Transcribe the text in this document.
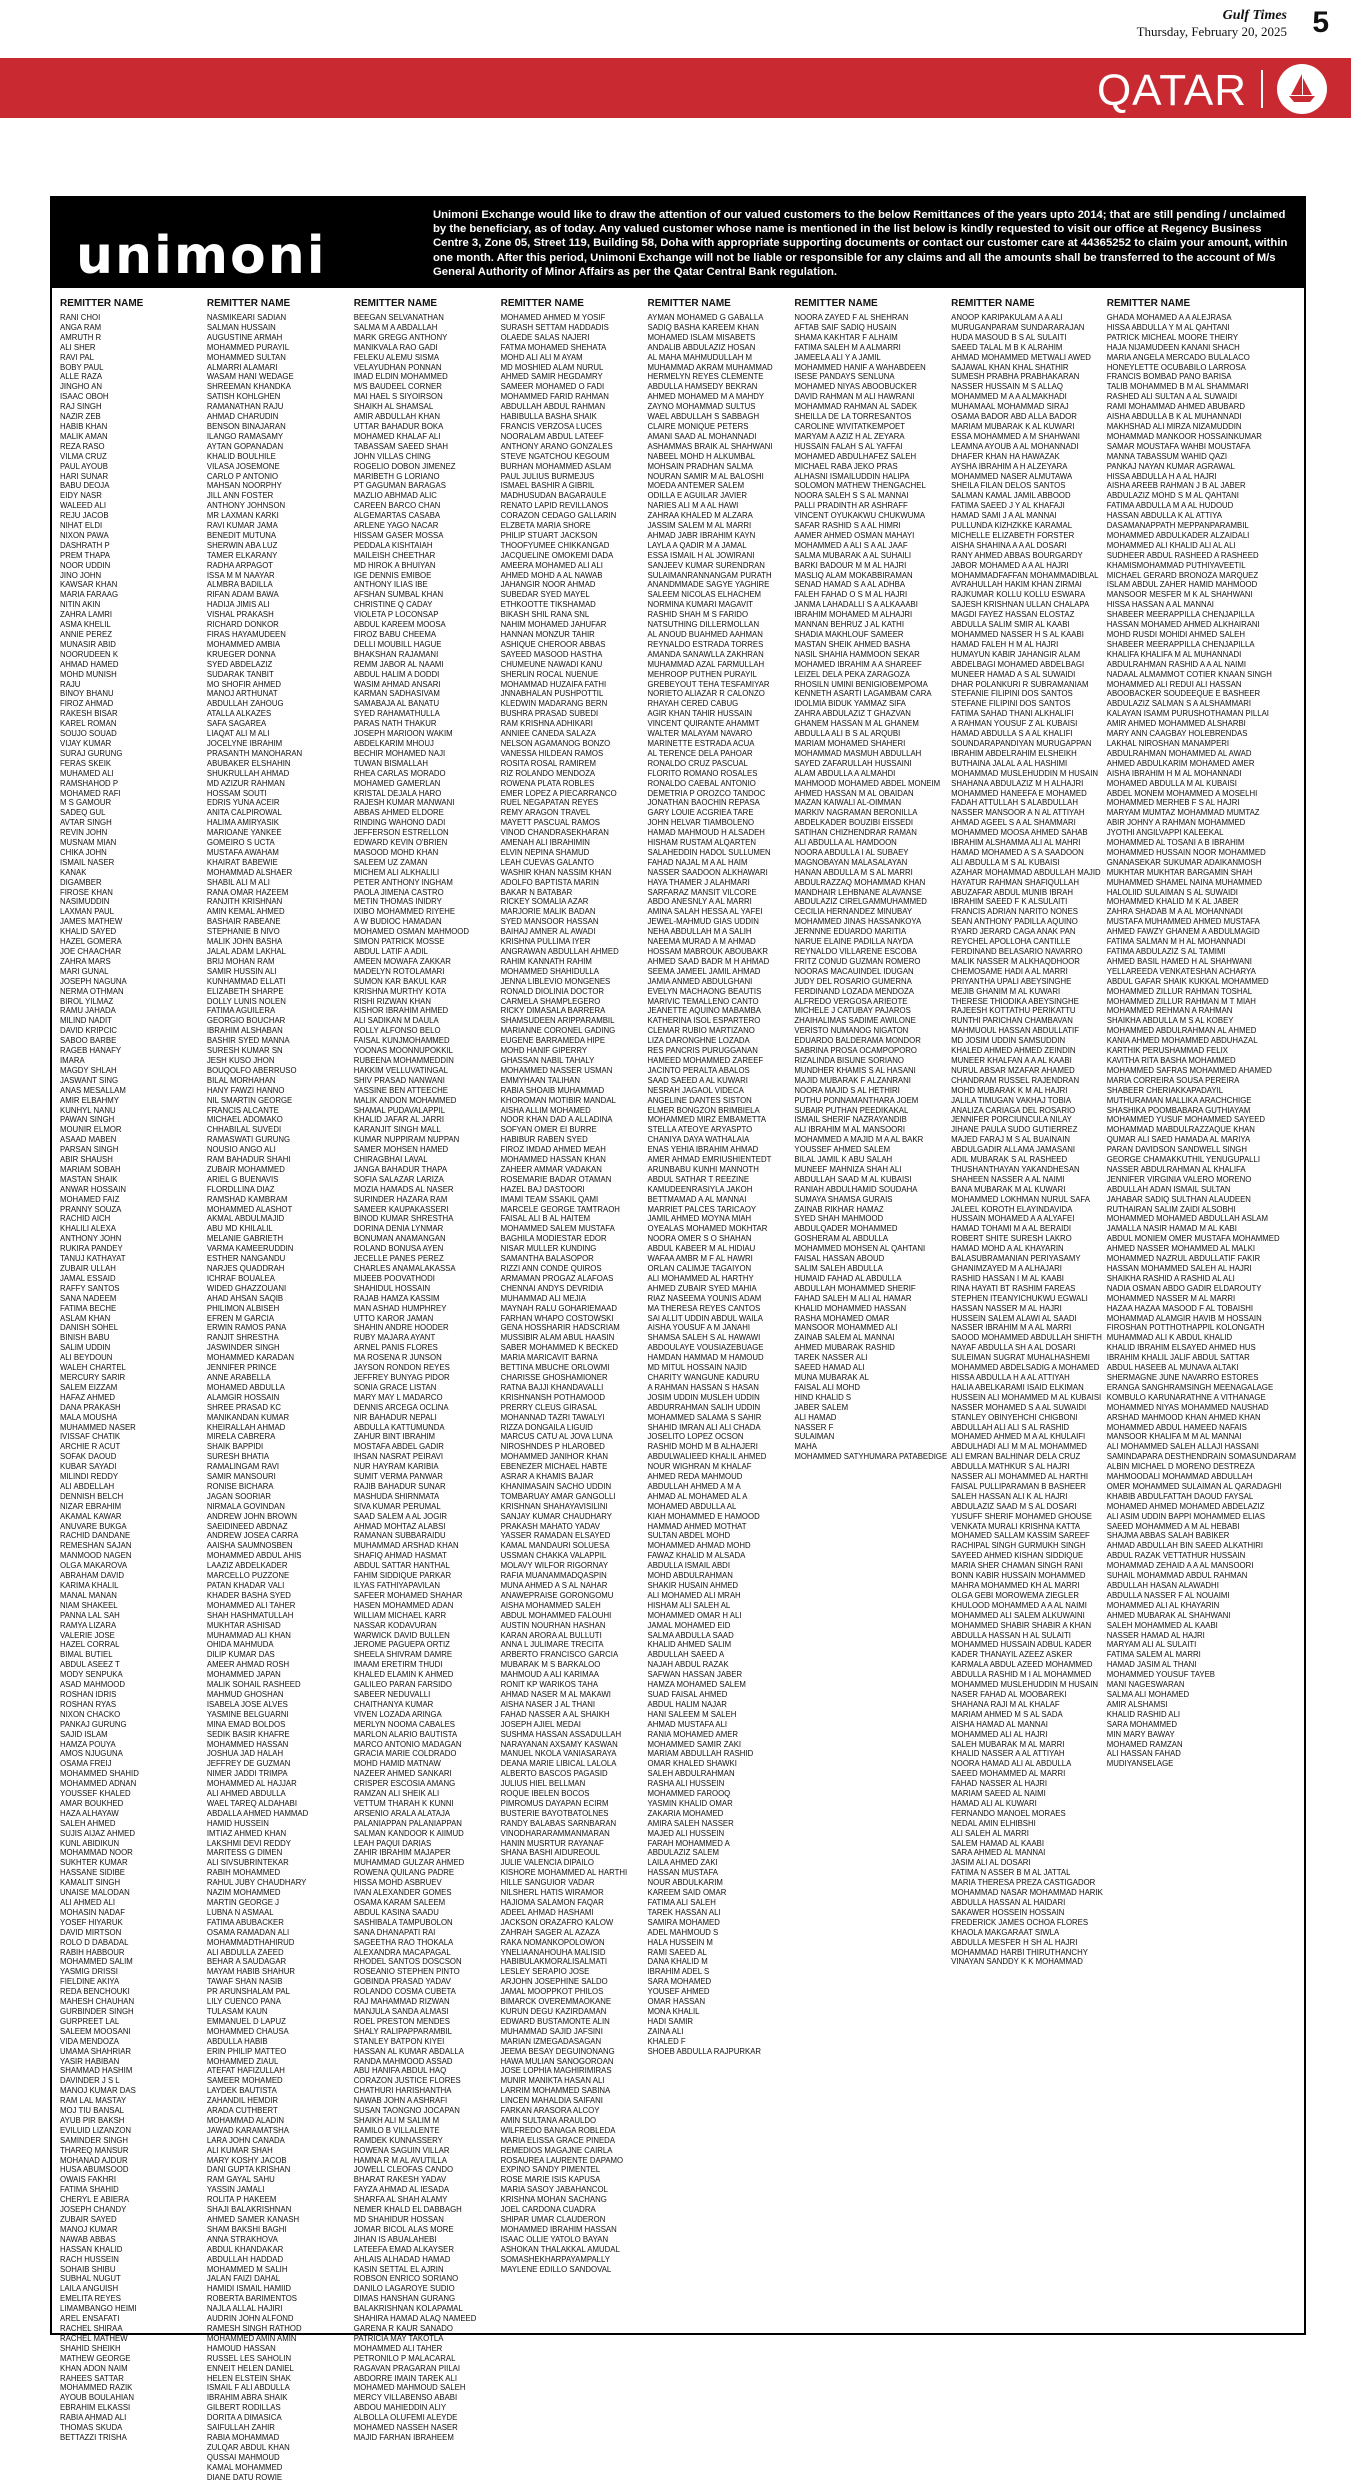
Gulf Times
Thursday, February 20, 2025 5
QATAR
unimoni
Unimoni Exchange would like to draw the attention of our valued customers to the below Remittances of the years upto 2014; that are still pending / unclaimed by the beneficiary, as of today. Any valued customer whose name is mentioned in the list below is kindly requested to visit our office at Regency Business Centre 3, Zone 05, Street 119, Building 58, Doha with appropriate supporting documents or contact our customer care at 44365252 to claim your amount, within one month. After this period, Unimoni Exchange will not be liable or responsible for any claims and all the amounts shall be transferred to the account of M/s General Authority of Minor Affairs as per the Qatar Central Bank regulation.
REMITTER NAME
RANI CHOI
ANGA RAM
AMRUTH R
ALI SHER
RAVI PAL
BOBY PAUL
ALLE RAZA
JINGHO AN
ISAAC OBOH
RAJ SINGH
NAZIR ZEB
HABIB KHAN
MALIK AMAN
REZA RASO
VILMA CRUZ
PAUL AYOUB
HARI SUNAR
BABU DEOJA
EIDY NASR
WALEED ALI
REJU JACOB
NIHAT ELDI
NIXON PAWA
DASHRATH P
PREM THAPA
NOOR UDDIN
JINO JOHN
KAWSAR KHAN
MARIA FARAAG
NITIN AKIN
ZAHRA LAMRI
ASMA KHELIL
ANNIE PEREZ
MUNASIR ABID
NOORUDEEN K
AHMAD HAMED
MOHD MUNISH
RAJU
BINOY BHANU
FIROZ AHMAD
RAKESH BISAR
KAREL ROMAN
SOUJO SOUAD
VIJAY KUMAR
SURAJ GURUNG
FERAS SKEIK
MUHAMED ALI
RAMSHAHOD P
MOHAMED RAFI
M S GAMOUR
SADEQ GUL
AVTAR SINGH
REVIN JOHN
MUSNAM MIAN
CHIKA JOHN
ISMAIL NASER
KANAK
DIGAMBER
FIROSE KHAN
NASIMUDDIN
LAXMAN PAUL
JAMES MATHEW
KHALID SAYED
HAZEL GOMERA
JOE CHAACHAR
ZAHRA MARS
MARI GUNAL
JOSEPH NAGUNA
NERMA OTHMAN
BIROL YILMAZ
RAMU JAHADA
MILIND NADIT
DAVID KRIPCIC
SABOO BARBE
RAGEB HANAFY
IMARA
MAGDY SHLAH
JASWANT SING
ANAS MESALLAM
AMIR ELBAHMY
KUNHYL NANU
PAWAN SINGH
MOUNIR ELMOR
ASAAD MABEN
PARSAN SINGH
ABIR SHAUSH
MARIAM SOBAH
MASTAN SHAIK
ANWAR HOSSAIN
MOHAMED FAIZ
PRANNY SOUZA
RACHID AICH
KHALILI ALEXA
ANTHONY JOHN
RUKIRA PANDEY
TANUJ KATHAYAT
ZUBAIR ULLAH
JAMAL ESSAID
RAFFY SANTOS
SANA NADEEM
FATIMA BECHE
ASLAM KHAN
DANISH SOHEL
BINISH BABU
SALIM UDDIN
ALI BEYDOUN
WALEH CHARTEL
MERCURY SARIR
SALEM EIZZAM
HAFAZ AHMED
DANA PRAKASH
MALA MOUSHA
MUHAMMED NASER
IVISSAF CHATIK
ARCHIE R ACUT
SOFAK DAOUD
KUBAR SAYADI
MILINDI REDDY
ALI ABDELLAH
DENNISH BELCH
NIZAR EBRAHIM
AKAMAL KAWAR
ANUVARE BUKGA
RACHID DANDANE
REMESHAN SAJAN
MANMOOD NAGEN
OLGA MAKAROVA
ABRAHAM DAVID
KARIMA KHALIL
MANAL MANAN
NIAM SHAKEEL
PANNA LAL SAH
RAMYA LIZARA
VALERIE JOSE
HAZEL CORRAL
BIMAL BUTIEL
ABDUL ASEEZ T
MODY SENPUKA
ASAD MAHMOOD
ROSHAN IDRIS
ROSHAN RYAS
NIXON CHACKO
PANKAJ GURUNG
SAJID ISLAM
HAMZA POUYA
AMOS NJUGUNA
OSAMA FREIJ
MOHAMMED SHAHID
MOHAMMED ADNAN
YOUSSEF KHALED
AMAR BOUKHED
HAZA ALHAYAW
SALEH AHMED
SUJIS AIJAZ AHMED
KUNL ABIDIKUN
MOHAMMAD NOOR
SUKHTER KUMAR
HASSANE SIDIBE
KAMALIT SINGH
UNAISE MALODAN
ALI AHMED ALI
MOHASIN NADAF
YOSEF HIYARUK
DAVID MIRTSON
ROLO D DABADAL
RABIH HABBOUR
MOHAMMED SALIM
YASMIG DRISSI
FIELDINE AKIYA
REDA BENCHOUKI
MAHESH CHAUHAN
GURBINDER SINGH
GURPREET LAL
SALEEM MOOSANI
VIDA MENDOZA
UMAMA SHAHRIAR
YASIR HABIBAN
SHAMMAD HASHIM
DAVINDER J S L
MANOJ KUMAR DAS
RAM LAL MASTAY
MOJ TIU BANSAL
AYUB PIR BAKSH
EVILUID LIZANZON
SAMINDER SINGH
THAREQ MANSUR
MOHANAD AJDUR
HUSA ABUMSOOD
OWAIS FAKHRI
FATIMA SHAHID
CHERYL E ABIERA
JOSEPH CHANDY
ZUBAIR SAYED
MANOJ KUMAR
NAWAB ABBAS
HASSAN KHALID
RACH HUSSEIN
SOHAIB SHIBU
SUBHAL NUGUT
LAILA ANGUISH
EMELITA REYES
LIMAMBANGO HEIMI
AREL ENSAFATI
RACHEL SHIRAA
RACHEL MATHEW
SHAHID SHEIKH
MATHEW GEORGE
KHAN ADON NAIM
RAHEES SATTAR
MOHAMMED RAZIK
AYOUB BOULAHIAN
EBRAHIM ELKASSI
RABIA AHMAD ALI
THOMAS SKUDA
BETTAZZI TRISHA
REMITTER NAME
NASMIKEARI SADIAN
SALMAN HUSSAIN
AUGUSTINE ARMAH
MOHAMMED PURAYIL
MOHAMMED SULTAN
ALMARRI ALAMARI
WASAM HANI WEDAGE
SHREEMAN KHANDKA
SATISH KOHLGHEN
RAMANATHAN RAJU
AHMAD CHARUDIN
BENSON BINAJARAN
ILANGO RAMASAMY
AYTAN GOPANADAN
KHALID BOULHILE
VILASA JOSEMONE
CARLO P ANTONIO
MAHSAN NOORPHY
JILL ANN FOSTER
ANTHONY JOHNSON
MR LAXMAN KARKI
RAVI KUMAR JAMA
BENEDIT MUTUNA
SHERWIN ABA LUZ
TAMER ELKARANY
RADHA ARPAGOT
ISSA M M NAAYAR
ALMBRA BADILLA
RIFAN ADAM BAWA
HADIJA JIMIS ALI
VISHAL PRAKASH
RICHARD DONKOR
FIRAS HAYAMUDEEN
MOHAMMED AMBIA
KRUEGER DONNA
SYED ABDELAZIZ
SUDARAK TANBIT
MO SHOFIR AHMED
MANOJ ARTHUNAT
ABDULLAH ZAHOUG
ATALLA ALKAZES
SAFA SAGAREA
LIAQAT ALI M ALI
JOCELYNE IBRAHIM
PRASANTH MANOHARAN
ABUBAKER ELSHAHIN
SHUKRULLAH AHMAD
MD AZIZUR RAHMAN
HOSSAM SOUTI
EDRIS YUNA ACEIR
ANITA CALPIROWAL
HALIMA AMIRYASIK
MARIOANE YANKEE
GOMEIRO S UCTA
MUSTAFA AWAHAM
KHAIRAT BABEWIE
MOHAMMAD ALSHAER
SHABIL ALI M ALI
RANA OMAR HAZEEM
RANJITH KRISHNAN
AMIN KEMAL AHMED
BASHAIR RABEANE
STEPHANIE B NIVO
MALIK JOHN BASHA
JALAL ADAM LAKHAL
BRIJ MOHAN RAM
SAMIR HUSSIN ALI
KUNHAMMAD ELLATI
ELIZABETH SHARPE
DOLLY LUNIS NOLEN
FATIMA AGUILERA
GEORGIO BOUCHAR
IBRAHIM ALSHABAN
BASHIR SYED MANNA
SURESH KUMAR SN
JESH KUSO JHON
BOUQOLFO ABERRUSO
BILAL MORHAHAN
HANY FAWZI HANNO
NIL SMARTIN GEORGE
FRANCIS ALCANTE
MICHAEL ADOMAKO
CHHABILAL SUVEDI
RAMASWATI GURUNG
NOUSIO ANGO ALI
RAM BAHADUR SHAHI
ZUBAIR MOHAMMED
ARIEL G BUENAVIS
FLORDLLINA DIAZ
RAMSHAD KAMBRAM
MOHAMMED ALASHOT
AKMAL ABDULMAJID
ABU MD KHILALIL
MELANIE GABRIETH
VARMA KAMEERUDDIN
ESTHER NANGANDU
NARJES QUADDRAH
ICHRAF BOUALEA
WIDED GHAZZOUANI
AHAD AHSAN SAQIB
PHILIMON ALBISEH
EFREN M GARCIA
ERWIN RAMOS PANA
RANJIT SHRESTHA
JASWINDER SINGH
MOHAMMED KARADAN
JENNIFER PRINCE
ANNE ARABELLA
MOHAMED ABDULLA
ALAMGIR HOSSAIN
SHREE PRASAD KC
MANIKANDAN KUMAR
KHEIRALLAH AHMAD
MIRELA CABRERA
SHAIK BAPPIDI
SURESH BHATIA
RAMALINGAM RAVI
SAMIR MANSOURI
RONISE BICHARA
JAGAN SOORIAR
NIRMALA GOVINDAN
ANDREW JOHN BROWN
SAEIDINEED ABDNAZ
ANDREW JOSEA CARRA
AAISHA SAUMNOSBEN
MOHAMMED ABDUL AHIS
LAAZIZ ABDELKADER
MARCELLO PUZZONE
PATAN KHADAR VALI
KHADER BASHA SYED
MOHAMMED ALI TAHER
SHAH HASHMATULLAH
MUKHTAR ASHISAD
MUHAMMAD ALI KHAN
OHIDA MAHMUDA
DILIP KUMAR DAS
AMEER AHMAD ROSH
MOHAMMED JAPAN
MALIK SOHAIL RASHEED
MAHMUD GHOSHAN
ISABELA JOSE ALVES
YASMINE BELGUARNI
MINA EMAD BOLDOS
SEDIK BASIR KHAFRE
MOHAMMED HASSAN
JOSHUA JAD HALAH
JEFFREY DE GUZMAN
NIMER JADDI TRIMPA
MOHAMMED AL HAJJAR
ALI AHMED ABDULLA
WAEL TAREQ ALDAHABI
ABDALLA AHMED HAMMAD
HAMID HUSSEIN
IMTIAZ AHMED KHAN
LAKSHMI DEVI REDDY
MARITESS G DIMEN
ALI SIVSUBRINTEKAR
RABIH MOHAMMED
RAHUL JUBY CHAUDHARY
NAZIM MOHAMMED
MARTIN GEORGE J
LUBNA N ASMAAL
FATIMA ABUBACKER
OSAMA RAMADAN ALI
MOHAMMADTHAHIRUD
ALI ABDULLA ZAEED
BEHAR A SAUDAGAR
MAYAM HABIB SHAHUR
TAWAF SHAN NASIB
PR ARUNSHALAM PAL
LILY CUENCO PANA
TULASAM KAUN
EMMANUEL D LAPUZ
MOHAMMED CHAUSA
ABDULLA HABIB
ERIN PHILIP MATTEO
MOHAMMED ZIAUL
ATEFAT HAFIZULLAH
SAMEER MOHAMED
LAYDEK BAUTISTA
ZAHANDIL HEMDIR
ARADA CUTHBERT
MOHAMMAD ALADIN
JAWAD KARAMATSHA
LARA JOHN CANADA
ALI KUMAR SHAH
MARY KOSHY JACOB
DANI GUPTA KRISHAN
RAM GAYAL SAHU
YASSIN JAMALI
ROLITA P HAKEEM
SHAJI BALAKRISHNAN
AHMED SAMER KANASH
SHAM BAKSHI BAGHI
ANNA STRAKHOVA
ABDUL KHANDAKAR
ABDULLAH HADDAD
MOHAMMED M SALIH
JALAN FAIZI DAHAL
HAMIDI ISMAIL HAMIID
ROBERTA BARIMENTOS
NAJLA ALLAL HAJIRI
AUDRIN JOHN ALFOND
RAMESH SINGH RATHOD
MOHAMMED AMIN AMIN
HAMOUD HASSAN
RUSSEL LES SAHOLIN
ENNEIT HELEN DANIEL
HELEN ELSTEIN SHAK
ISMAIL F ALI ABDULLA
IBRAHIM ABRA SHAIK
GILBERT RODILLAS
DORITA A DIMASICA
SAIFULLAH ZAHIR
RABIA MOHAMMAD
ZULQAR ABDUL KHAN
QUSSAI MAHMOUD
KAMAL MOHAMMED
DIANE DATU ROWIE
REMITTER NAME
BEEGAN SELVANATHAN
SALMA M A ABDALLAH
MARK GREGG ANTHONY
MANIKVALA RAO GADI
FELEKU ALEMU SISMA
VELAYUDHAN PONNAN
IMAD ELDIN MOHAMMED
M/S BAUDEEL CORNER
MAI HAEL S SIYOIRSON
SHAIKH AL SHAMSAL
AMIR ABDULLAH KHAN
UTTAR BAHADUR BOKA
MOHAMED KHALAF ALI
TABASSAM SAEED SHAH
JOHN VILLAS CHING
ROGELIO DOBON JIMENEZ
MARIBETH G LORIANO
PT GAGUMAN BARAGAS
MAZLIO ABHMAD ALIC
CAREEN BARCO CHAN
ALGEMARTAS CASABA
ARLENE YAGO NACAR
HISSAM GASER MOSSA
PEDDALA KISHTAIAH
MAILEISH CHEETHAR
MD HIROK A BHUIYAN
IGE DENNIS EMIBOE
ANTHONY ILIAS IBE
AFSHAN SUMBAL KHAN
CHRISTINE Q CADAY
VIOLETA P LOCONSAP
ABDUL KAREEM MOOSA
FIROZ BABU CHEEMA
DELLI MOUBILL HAGUE
BHAKSHAN RAJAMANI
REMM JABOR AL NAAMI
ABDUL HALIM A DODDI
WASIM AHMAD ANSARI
KARMAN SADHASIVAM
SAMABAJA AL BANATU
SYED RAHAMATHULLA
PARAS NATH THAKUR
JOSEPH MARIOON WAKIM
ABDELKARIM MHOUJ
BECHIR MOHAMED NAJI
TUWAN BISMALLAH
RHEA CARLAS MORADO
MOHAMED GAMERLAN
KRISTAL DEJALA HARO
RAJESH KUMAR MANWANI
ABBAS AHMED ELDORE
RINDING WAHONO DADI
JEFFERSON ESTRELLON
EDWARD KEVIN O'BRIEN
MASOOD MOHD KHAN
SALEEM UZ ZAMAN
MICHEM ALI ALKHALILI
PETER ANTHONY INGHAM
PAOLA JIMENA CASTRO
METIN THOMAS INIDRY
IXIBO MOHAMMED RIYEHE
A W BUDIOC HAMADAN
MOHAMED OSMAN MAHMOOD
SIMON PATRICK MOSSE
ABDUL LATIF A ADIL
AMEEN MOWAFA ZAKKAR
MADELYN ROTOLAMARI
SUMON KAR BAKUL KAR
KRISHNA MURTHY KOTA
RISHI RIZWAN KHAN
KISHOR IBRAHIM AHMED
ALI SADIKAN M DAULA
ROLLY ALFONSO BELO
FAISAL KUNJMOHAMMED
YOONAS MOONNUPOKKIL
RUBEENA MOHAMMEDDIN
HAKKIM VELLUVATINGAL
SHIV PRASAD NANWANI
YASSINE BEN ATTEECHE
MALIK ANDON MOHAMMED
SHAMAL PUDAVALAPPIL
KHALID JAFAR AL JARRI
KARANJIT SINGH MALL
KUMAR NUPPIRAM NUPPAN
SAMER MOHSEN HAMED
CHIRAGBHAI LAVAL
JANGA BAHADUR THAPA
SOFIA SALAZAR LARIZA
MOZIA HAMADS AL NASER
SURINDER HAZARA RAM
SAMEER KAUPAKASSERI
BINOD KUMAR SHRESTHA
DORINA DENIA LYNMAR
BONUMAN ANAMANGAN
ROLAND BONUSA AYEN
JECELLE PANES PEREZ
CHARLES ANAMALAKASSA
MIJEEB POOVATHODI
SHAHIDUL HOSSAIN
RAJAB HAMZA KASSIM
MAN ASHAD HUMPHREY
UTTO KAROR JAMAN
SHAHIN ANDRE HOODER
RUBY MAJARA AYANT
ARNEL PANIS FLORES
MA ROSENA R JUNSON
JAYSON RONDON REYES
JEFFREY BUNYAG PIDOR
SONIA GRACE LISTAN
MARY MAY L MADARCO
DENNIS ARCEGA OCLINA
NIR BAHADUR NEPALI
ABDULLA KATTUMUNDA
ZAHUR BINT IBRAHIM
MOSTAFA ABDEL GADIR
IHSAN NASRAT PEIRAVI
NUR HAYRAM KARIBIA
SUMIT VERMA PANWAR
RAJIB BAHADUR SUNAR
MASHUDA SHIRNMATA
SIVA KUMAR PERUMAL
SAAD SALEM A AL JOGIR
AHMAD MOHTAZ ALABSI
RAMANAN SUBBARAIDU
MUHAMMAD ARSHAD KHAN
SHAFIQ AHMAD HASMAT
ABDUL SATTAR HANTHAL
FAHIM SIDDIQUE PARKAR
ILYAS FATHIYAPAVILAN
SAFEER MOHAMED SHAHAR
HASEN MOHAMMED ADAN
WILLIAM MICHAEL KARR
NASSAR KODAVURAN
WARWICK DAVID BULLEN
JEROME PAGUEPA ORTIZ
SHEELA SHIVRAM DAMRE
IMAAM ERETIRM THUDI
KHALED ELAMIN K AHMED
GALILEO PARAN FARSIDO
SABEER NEDUVALLI
CHAITHANYA KUMAR
VIVEN LOZADA ARINGA
MERLYN NOOMA CABALES
MARLON ALARIO BAUTISTA
MARCO ANTONIO MADAGAN
GRACIA MARIE COLDRADO
MOHD HAMID MATNAW
NAZEER AHMED SANKARI
CRISPER ESCOSIA AMANG
RAMZAN ALI SHEIK ALI
VETTUM THARAH K KUNNI
ARSENIO ARALA ALATAJA
PALANIAPPAN PALANIAPPAN
SALMAN KANDOOR K AIIMUD
LEAH PAQUI DARIAS
ZAHIR IBRAHIM MAJAPER
MUHAMMAD GULZAR AHMED
ROWENA QUILANG PADRE
HISSA MOHD ASBRUEV
IVAN ALEXANDER GOMES
OSAMA KARAM SALEEM
ABDUL KASINA SAADU
SASHIBALA TAMPUBOLON
SANA DHANAPATI RAI
SAGEETHA RAO THOKALA
ALEXANDRA MACAPAGAL
RHODEL SANTOS DOSCSON
ROSEANIO STEPHEN PINTO
GOBINDA PRASAD YADAV
ROLANDO COSMA CUBETA
RAJ MAHAMMAD RIZWAN
MANJULA SANDA ALMASI
ROEL PRESTON MENDES
SHALY RALIPAPPARAMBIL
STANLEY BATPON KIYEI
HASSAN AL KUMAR ABDALLA
RANDA MAHMOOD ASSAD
ABU HANIFA ABDUL HAQ
CORAZON JUSTICE FLORES
CHATHURI HARISHANTHA
NAWAB JOHN A ASHRAFI
SUSAN TAONGNO JOCAPAN
SHAIKH ALI M SALIM M
RAMILO B VILLALENTE
RAMDEK KUNNASSERY
ROWENA SAGUIN VILLAR
HAMNA R M AL AVUTILLA
JOWELL CLEOFAS CANDO
BHARAT RAKESH YADAV
FAYZA AHMAD AL IESADA
SHARFA AL SHAH ALAMY
NEMER KHALD EL DABBAGH
MD SHAHIDUR HOSSAN
JOMAR BICOL ALAS MORE
JIHAN IS ABUALAHEBI
LATEEFA EMAD ALKAYSER
AHLAIS ALHADAD HAMAD
KASIN SETTAL EL AJRIN
ROBSON ENRICO SORIANO
DANILO LAGAROYE SUDIO
DIMAS HANSHAN GURANG
BALAKRISHNAN KOLAPAMAL
SHAHIRA HAMAD ALAQ NAMEED
GARENA R KAUR SANADO
PATRICIA MAY TAKOTLA
MOHAMMED ALI TAHER
PETRONILO P MALACARAL
RAGAVAN PRAGARAN PIILAI
ABDORRE IMAIN TAREK ALI
MOHAMED MAHMOUD SALEH
MERCY VILLABENSO ABABI
ABDOU MAHIEDDIN ALIY
ALBOLLA OLUFEMI ALEYDE
MOHAMED NASSEH NASER
MAJID FARHAN IBRAHEEM
REMITTER NAME
MOHAMED AHMED M YOSIF
SURASH SETTAM HADDADIS
OLAEDE SALAS NAJERI
FATMA MOHAMED SHEHATA
MOHD ALI ALI M AYAM
MD MOSHIED ALAM NURUL
AHMED SAMIR HEGDAMRY
SAMEER MOHAMED O FADI
MOHAMMED FARID RAHMAN
ABDULLAH ABDUL RAHMAN
HABIBULLA BASHA SHAIK
FRANCIS VERZOSA LUCES
NOORALAM ABDUL LATEEF
ANTHONY ARANO GONZALES
STEVE NGATCHOU KEGOUM
BURHAN MOHAMMED ASLAM
PAUL JULIUS BURMEJUS
ISMAEL BASHIR A GIBRIL
MADHUSUDAN BAGARAULE
RENATO LAPID REVILLANOS
CORAZON CEDAGO GALLARIN
ELZBETA MARIA SHORE
PHILIP STUART JACKSON
THOOFYUMEE CHIKKANGAD
JACQUELINE OMOKEMI DADA
AMEERA MOHAMED ALI ALI
AHMED MOHD A AL NAWAB
JAHANGIR NOOR AHMAD
SUBEDAR SYED MAYEL
ETHKOOTTE TIKSHAMAD
BIKASH SHIL RANA SNL
NAHIM MOHAMED JAHUFAR
HANNAN MONZUR TAHIR
ASHIQUE CHEROOR ABBAS
SAYEED MASOOD HASTHA
CHUMEUNE NAWADI KANU
SHERLIN ROCAL NUENUE
MOHAMMAD HUZAIFA FATHI
JNNABHALAN PUSHPOTTIL
KLEDWIN MADARANG BERN
BUSHRA PRASAD SUBEDI
RAM KRISHNA ADHIKARI
ANNIEE CANEDA SALAZA
NELSON AGAMANOG BONZO
VANESSA HILDEAN RAMOS
ROSITA ROSAL RAMIREM
RIZ ROLANDO MENDOZA
ROWENA PLATA ROBLES
EMER LOPEZ A PIECARRANCO
RUEL NEGAPATAN REYES
REMY ARAGON TRAVEL
MAYETT PASCUAL RAMOS
VINOD CHANDRASEKHARAN
AMENAH ALI IBRAHIMIN
ELVIN NEPINA SHAMUD
LEAH CUEVAS GALANTO
WASHIR KHAN NASSIM KHAN
ADOLFO BAPTISTA MARIN
BAKAR N BATABAR
RICKEY SOMALIA AZAR
MARJORIE MALIK BADAN
SYED MANSOOR HASSAN
BAIHAJ AMNER AL AWADI
KRISHNA PULLIMA IYER
ANGRAWAN ABDULLAH AHMED
RAHIM KANNATH RAHIM
MOHAMMED SHAHIDULLA
JENNA LIBLEVIO MONGENES
RONALD DIOLINIA DOCTOR
CARMELA SHAMPLEGERO
RICKY DIMASALA BARRERA
SHAMSUDEEN ARIPPARAMBIL
MARIANNE CORONEL GADING
EUGENE BARRAMEDA HIPE
MOHD HANIF GIPERRY
GHASSAN NABIL TAHALY
MOHAMMED NASSER USMAN
EMMYHAAN TALIHAN
RABIA SHOAIB MUHAMMAD
KHOROMAN MOTIBIR MANDAL
AISHA ALLIM MOHAMED
NOOR KHAN DAD A ALLADINA
SOFYAN OMER EI BURRE
HABIBUR RABEN SYED
FIROZ IMDAD AHMED MEAH
MOHAMMED HASSAN KHAN
ZAHEER AMMAR VADAKAN
ROSEMARIE BADAR OTAMAN
HAZEL BAJ DASTOORI
IMAMI TEAM SSAKIL QAMI
MARCELE GEORGE TAMTRAOH
FAISAL ALI B AL HAITEM
MOHAMMED SALEM MUSTAFA
BAGHILA MODIESTAR EDOR
NISAR MULLER KUNDING
SAMANTHA BALASOPOR
RIZZI ANN CONDE QUIROS
ARMAMAN PROGAZ ALAFOAS
CHENNAI ANDYS DEVRIDIA
MUHAMMAD ALI MEJIA
MAYNAH RALU GOHARIEMAAD
FARHAN WHAPO COSTOWSKI
GENA HOSSHARIR HADSCRIAM
MUSSIBIR ALAM ABUL HAASIN
SABER MOHAMMED K BECKED
MARIA MARICAVIT BARNA
BETTINA MBUCHE ORLOWMI
CHARISSE GHOSHAMIONER
RATNA BAJJI KHANDAVALLI
KRISHNANSH POTHAMOOD
PRERRY CLEUS GIRASAL
MOHANNAD TAZRI TAWALYI
RIZZA DONGAILA LIGUID
MARCUS CATU AL JOVA LUNA
NIROSHNDES P HLAROBED
MOHAMMED JANIHOR KHAN
EBENEZER MICHAEL HABTE
ASRAR A KHAMIS BAJAR
KHANIMASAIN SACHO UDDIN
TOMBARUAY AMAR GANGOLLI
KRISHNAN SHAHAYAVISILINI
SANJAY KUMAR CHAUDHARY
PRAKASH MAHATO YADAV
YASSER RAMADAN ELSAYED
KAMAL MANDAURI SOLUESA
USSMAN CHAKKA VALAPPIL
MOLAVY WILFOR RIGORNAY
RAFIA MUANAMMADQASPIN
MUNA AHMED A S AL NAHAR
ANAWEPRAISE GORONGOMU
AISHA MOHAMMED SALEH
ABDUL MOHAMMED FALOUHI
AUSTIN NOURHAN HASHAN
KARAN ARORA AL BULLUTI
ANNA L JULIMARE TRECITA
ARBERTO FRANCISCO GARCIA
MUBARAK M S BARKALOO
MAHMOUD A ALI KARIMAA
RONIT KP WARIKOS TAHA
AHMAD NASER M AL MAKAWI
AISHA NASER J AL THANI
FAHAD NASSER A AL SHAIKH
JOSEPH AJIEL MEDAI
SUSHMA HASSAN ASSADULLAH
NARAYANAN AXSAMY KASWAN
MANUEL NKOLA VANIASARAYA
DEANA MARIE LIBICAL LALOLA
ALBERTO BASCOS PAGASID
JULIUS HIEL BELLMAN
ROQUE IBELEN BOCOS
PIMROMUS DAYAPAN ECIRM
BUSTERIE BAYOTBATOLNES
RANDY BALABAS SARNBARAN
VINODHARARAMMANMARAN
HANIN MUSRTUR RAYANAF
SHANA BASHI AIDUREOUL
JULIE VALENCIA DIPAILO
KISHORE MOHAMMED AL HARTHI
HILLE SANGUIOR VADAR
NILSHERL HATIS WIRAMOR
HAJIOMA SALAMON FAQAR
ADEEL AHMAD HASHAMI
JACKSON ORAZAFRO KALOW
ZAHRAH SAGER AL AZAZA
RAKA NOMANKOPOLOWON
YNELIAANAHOUHA MALISID
HABIBULAKMORALISALMATI
LESLEY SERAPIO JOSE
ARJOHN JOSEPHINE SALDO
JAMAL MOOPPKOT PHILOS
BIMARCK OVEREMMAOKANE
KURUN DEGU KAZIRDAMAN
EDWARD BUSTAMONTE ALIN
MUHAMMAD SAJID JAFSINI
MARIAN IZMEGADASAGAN
JEEMA BESAY DEGUINONANG
HAWA MULIAN SANOGOROAN
JOSE LOPHIA MAGHIRIMIRAS
MUNIR MANIKTA HASAN ALI
LARRIM MOHAMMED SABINA
LINCEN MAHALDIA SAIFANI
FARKAN ARASORA ALCOY
AMIN SULTANA ARAULDO
WILFREDO BANAGA ROBLEDA
MARIA ELISSA GRACE PINEDA
REMEDIOS MAGAJNE CAIRLA
ROSAUREA LAURENTE DAPAMO
EXPINO SANDY PIMENTEL
ROSE MARIE ISIS KAPUSA
MARIA SASOY JABAHANCOL
KRISHNA MOHAN SACHANG
JOEL CARDONA CUADRA
SHIPAR UMAR CLAUDERON
MOHAMMED IBRAHIM HASSAN
ISAAC OLLIE YATOLO BAYAN
ASHOKAN THALAKKAL AMUDAL
SOMASHEKHARPAYAMPALLY
MAYLENE EDILLO SANDOVAL
REMITTER NAME
AYMAN MOHAMED G GABALLA
SADIQ BASHA KAREEM KHAN
MOHAMED ISLAM MISABETS
ANDALIB ABDULAZIZ HOSAN
AL MAHA MAHMUDULLAH M
MUHAMMAD AKRAM MUHAMMAD
HERMELYN REYES CLEMENTE
ABDULLA HAMSEDY BEKRAN
AHMED MOHAMED M A MAHDY
ZAYNO MOHAMMAD SULTUS
WAEL ABDULLAH S SABBAGH
CLAIRE MONIQUE PETERS
AMANI SAAD AL MOHANNADI
ASHAMMAS BRAIK AL SHAHWANI
NABEEL MOHD H ALKUMBAL
MOHSAIN PRADHAN SALMA
NOURAN SAMIR M AL BALOSHI
MOEDA ANTEMER SALEM
ODILLA E AGUILAR JAVIER
NARIES ALI M A AL HAWI
ZAHRAA KHALED M ALZARA
JASSIM SALEM M AL MARRI
AHMAD JABR IBRAHIM KAYN
LAYLA A QADIR M A JAMAL
ESSA ISMAIL H AL JOWIRANI
SANJEEV KUMAR SURENDRAN
SULAIMANRANNANGAM PURATH
ANANDMMADE SAGYE YAGHIRE
SALEEM NICOLAS ELHACHEM
NORMINA KUMARI MAGAVIT
RASHID SHAH M S FARIDO
NATSUTHING DILLERMOLLAN
AL ANOUD BUAHMED AAHMAN
REYNALDO ESTRADA TORRES
AMANDA SANAWLLA ZAKHRAN
MUHAMMAD AZAL FARMULLAH
MEHROOP PUTHEN PURAYIL
GREBEYOUT TEHA TESFAMIYAR
NORIETO ALIAZAR R CALONZO
RHAYAH CERED CABUG
AGIR KHAN TAHIR HUSSAIN
VINCENT QUIRANTE AHAMMT
WALTER MALAYAM NAVARO
MARINETTE ESTRADA ACUA
AL TERENCE DELA PAHOAR
RONALDO CRUZ PASCUAL
FLORITO ROMANO ROSALES
RONALDO CAEBAL ANTONIO
DEMETRIA P OROZCO TANDOC
JONATHAN BAOCHIN REPASA
GARY LOUIE ACGRIEA TARE
JOHN HELVAR TIAMBOLENO
HAMAD MAHMOUD H ALSADEH
HISHAM RUSTAM ALQARTEN
SALAHEDDIN HADOL SULLUMEN
FAHAD NAJAL M A AL HAIM
NASSER SAADOON ALKHAWARI
HAYA THAMER J ALAHMARI
SARFARAZ MANSIT VILCORE
ABDO ANESNLY A AL MARRI
AMINA SALAH HESSA AL YAFEI
JEWEL-MAHMUD GIAS UDDIN
NEHA ABDULLAH M A SALIH
NAEEMA MURAD A M AHMAD
HOSSAM MABROUK ABOUBAKR
AHMED SAAD BADR M H AHMAD
SEEMA JAMEEL JAMIL AHMAD
JAMIA ANMED ABDULGHANI
EVELYN MACHAONG BEAUTIS
MARIVIC TEMALLENO CANTO
JEANETTE AQUINO MABAMBA
KATHERINA ISOL ESPARTERO
CLEMAR RUBIO MARTIZANO
LIZA DARONGHNE LOZADA
RES PANCRIS PURUGGANAN
HAMEED MOHAMMED ZAREEF
JACINTO PERALTA ABALOS
SAAD SAEED A AL KUWARI
NESRAH JAGAOL VIDECA
ANGELINE DANTES SISTON
ELMER BONGZON BRIMBIELA
MOHAMMED MIRZ EMBAMETTA
STELLA ATEOYE ARYASPTO
CHANIYA DAYA WATHALAIA
ENAS YEHIA IBRAHIM AHMAD
AMER AHMAD EMRIUSHIENTEDT
ARUNBABU KUNHI MANNOTH
ABDUL SATHAR T REEZINE
KAMUDEENRASIYLA JAKOH
BETTMAMAD A AL MANNAI
MARRIET PALCES TARICAOY
JAMIL AHMED MOYNA MIAH
OYEALAS MOHAMED MOKHTAR
NOORA OMER S O SHAHAN
ABDUL KABEER M AL HIDIAU
WAFAA AMBR M F AL HAWRI
ORLAN CALIMJE TAGAIYON
ALI MOHAMMED AL HARTHY
AHMED ZUBAIR SYED MAHIA
RIAZ NASEEMA YOUNIS ADAM
MA THERESA REYES CANTOS
SAI ALLIT UDDIN ABDUL WAILA
AISHA YOUSUF A M JANAHI
SHAMSA SALEH S AL HAWAWI
ABDOULAYE VOUSIAZEBUAGE
HAMDAN HAMMAD M HAMOUD
MD MITUL HOSSAIN NAJID
CHARITY WANGUNE KADURU
A RAHMAN HASSAN S HASAN
JOSIM UDDIN MUSLEH UDDIN
ABDURRAHMAN SALIH UDDIN
MOHAMMED SALAMA S SAHIR
SHAHID IMRAN ALI ALI CHADA
JOSELITO LOPEZ OCSON
RASHID MOHD M B ALHAJERI
ABDULWALIEED KHALIL AHMED
NOUR WIGHRAN M KHALAF
AHMED REDA MAHMOUD
ABDULLAH AHMED A M A
AHMAD AL MOHAMED AL A
MOHAMED ABDULLA AL
KIAH MOHAMMED E HAMOOD
HAMMAD AHMED MOTHAT
SULTAN ABDEL MOHD
MOHAMMED AHMAD MOHD
FAWAZ KHALID M ALSADA
ABDULLA ISMAIL ABDI
MOHD ABDULRAHMAN
SHAKIR HUSAIN AHMED
ALI MOHAMED ALI MRAH
HISHAM ALI SALEH AL
MOHAMMED OMAR H ALI
JAMAL MOHAMED EID
SALMA ABDULLA SAAD
KHALID AHMED SALIM
ABDULLAH SAEED A
NAJAH ABDUL RAZAK
SAFWAN HASSAN JABER
HAMZA MOHAMED SALEM
SUAD FAISAL AHMED
ABDUL HALIM NAJAR
HANI SALEEM M SALEH
AHMAD MUSTAFA ALI
RANIA MOHAMED AMER
MOHAMMED SAMIR ZAKI
MARIAM ABDULLAH RASHID
OMAR KHALED SHAWKI
SALEH ABDULRAHMAN
RASHA ALI HUSSEIN
MOHAMMED FAROOQ
YASMIN KHALID OMAR
ZAKARIA MOHAMED
AMIRA SALEH NASSER
MAJED ALI HUSSEIN
FARAH MOHAMMED A
ABDULAZIZ SALEM
LAILA AHMED ZAKI
HASSAN MUSTAFA
NOUR ABDULKARIM
KAREEM SAID OMAR
FATIMA ALI SALEH
TAREK HASSAN ALI
SAMIRA MOHAMED
ADEL MAHMOUD S
HALA HUSSEIN M
RAMI SAEED AL
DANA KHALID M
IBRAHIM ADEL S
SARA MOHAMED
YOUSEF AHMED
OMAR HASSAN
MONA KHALIL
HADI SAMIR
ZAINA ALI
KHALED F
SHOEB ABDULLA RAJPURKAR
REMITTER NAME
NOORA ZAYED F AL SHEHRAN
AFTAB SAIF SADIQ HUSAIN
SHAMA KAKHTAR F ALHAIM
FATIMA SALEH M A ALMARRI
JAMEELA ALI Y A JAMIL
MOHAMMED HANIF A WAHABDEEN
ISESE PANDAYS SENLUNA
MOHAMED NIYAS ABOOBUCKER
DAVID RAHMAN M ALI HAWRANI
MOHAMMAD RAHMAN AL SADEK
SHEILLA DE LA TORRESANTOS
CAROLINE WIVITATKEMPOET
MARYAM A AZIZ H AL ZEYARA
HUSSAIN FALAH S AL YAFFAI
MOHAMED ABDULHAFEZ SALEH
MICHAEL RABA JEKO PRAS
ALHASNI ISMAILUDDIN HALIPA
SOLOMON MATHEW THENGACHEL
NOORA SALEH S S AL MANNAI
PALLI PRADINTH AR ASHRAFF
VINCENT OYUKAKWU CHUKWUMA
SAFAR RASHID S A AL HIMRI
AAMER AHMED OSMAN MAHAYI
MOHAMMED A ALI S A AL JAAF
SALMA MUBARAK A AL SUHAILI
BARKI BADOUR M M AL HAJRI
MASLIQ ALAM MOKABBIRAMAN
SENAD HAMAD S A AL ADHBA
FALEH FAHAD O S M AL HAJRI
JANMA LAHADALLI S A ALKAAABI
IBRAHIM MOHAMED M ALHAJRI
MANNAN BEHRUZ J AL KATHI
SHADIA MAKHLOUF SAMEER
MASTAN SHEIK AHMED BASHA
NASIL SHAHIA HAMMOON SEKAR
MOHAMED IBRAHIM A A SHAREEF
LEIZEL DELA PEKA ZARAGOZA
RHOSILN UMINI BENIGIOBEMPOMA
KENNETH ASARTI LAGAMBAM CARA
IDOLMIA BIDUK YAMMAZ SIFA
ZAHRA ABDULAZIZ T GHAZVAN
GHANEM HASSAN M AL GHANEM
ABDULLA ALI B S AL ARQUBI
MARIAM MOHAMED SHAHERI
MOHAMMAD MASMUH ABDULLAH
SAYED ZAFARULLAH HUSSAINI
ALAM ABDULLA A ALMAHDI
MAHMOOD MOHAMED ABDEL MONEIM
AHMED HASSAN M AL OBAIDAN
MAZAN KAIWALI AL-OIMMAN
MARKIV NAGRAMAN BERONILLA
ABDELKADER BOUZIBI EISSEDI
SATIHAN CHIZHENDRAR RAMAN
ALI ABDULLA AL HAMDOON
NOORA ABDULLA I AL SUBAEY
MAGNOBAYAN MALASALAYAN
HANAN ABDULLA M S AL MARRI
ABDULRAZZAQ MOHAMMAD KHAN
MANDHAIR LEHBNANE ALAVANSE
ABDULAZIZ CIRELGAMMUHAMMED
CECILIA HERNANDEZ MINUBAY
MOHAMMED JINAS HASSANKOYA
JERNNNE EDUARDO MARITIA
NARUE ELAINE PADILLA NAYDA
REYNALDO VILLARENE ESCOBA
FRITZ CONUD GUZMAN ROMERO
NOORAS MACAUINDEL IDUGAN
JUDY DEL ROSARIO GUMERNA
FERDINAND LOZADA MENDOZA
ALFREDO VERGOSA ARIEOTE
MICHELE J CATUBAY PAJAROS
ZHAIHALIMAS SADIME AWILONE
VERISTO NUMANOG NIGATON
EDUARDO BALDERAMA MONDOR
SABRINA PROSA OCAMPOPORO
RIZALINDA BISUNE SORIANO
MUNDHER KHAMIS S AL HASANI
MAJID MUBARAK F ALZANRANI
NOORA MAJID S AL HETHIRI
PUTHU PONNAMANTHARA JOEM
SUBAIR PUTHAN PEEDIKAKAL
ISMAIL SHERIF NAZRAYANDIB
ALI IBRAHIM M AL MANSOORI
MOHAMMED A MAJID M A AL BAKR
YOUSSEF AHMED SALEM
BILAL JAMIL K ABU SALAH
MUNEEF MAHNIZA SHAH ALI
ABDULLAH SAAD M AL KUBAISI
RANIAH ABDULHAMID SOUDAHA
SUMAYA SHAMSA GURAIS
ZAINAB RIKHAR HAMAZ
SYED SHAH MAHMOOD
ABDULQADER MOHAMMED
GOSHERAM AL ABDULLA
MOHAMMED MOHSEN AL QAHTANI
FAISAL HASSAN ABOUD
SALIM SALEH ABDULLA
HUMAID FAHAD AL ABDULLA
ABDULLAH MOHAMMED SHERIF
FAHAD SALEH M ALI AL HAMAR
KHALID MOHAMMED HASSAN
RASHA MOHAMED OMAR
MANSOOR MOHAMMED ALI
ZAINAB SALEM AL MANNAI
AHMED MUBARAK RASHID
TAREK NASSER ALI
SAEED HAMAD ALI
MUNA MUBARAK AL
FAISAL ALI MOHD
HIND KHALID S
JABER SALEM
ALI HAMAD
NASSER F
SULAIMAN
MAHA
MOHAMMED SATYHUMARA PATABEDIGE
REMITTER NAME
ANOOP KARIPAKULAM A A ALI
MURUGANPARAM SUNDARARAJAN
HUDA MASOUD B S AL SULAITI
SAEED TALAL M B K ALRAHIM
AHMAD MOHAMMED METWALI AWED
SAJAWAL KHAN KHAL SHATHIR
SUMESH PRABHA PRABHAKARAN
NASSER HUSSAIN M S ALLAQ
MOHAMMED M A A ALMAKHADI
MUHAMAAL MOHAMMAD SIRAJ
OSAMA BADOR ABD ALLA BADOR
MARIAM MUBARAK K AL KUWARI
ESSA MOHAMMED A M SHAHWANI
LEAMNA AYOUB A AL MOHANNADI
DHAFER KHAN HA HAWAZAK
AYSHA IBRAHIM A H ALZEYARA
MOHAMMED NASER ALMUTAWA
SHEILA FILAN DELOS SANTOS
SALMAN KAMAL JAMIL ABBOOD
FATIMA SAEED J Y AL KHAFAJI
HAMAD SAMI J A AL MANNAI
PULLUNDA KIZHZKKE KARAMAL
MICHELLE ELIZABETH FORSTER
AISHA SHAHINA A A AL DOSARI
RANY AHMED ABBAS BOURGARDY
JABOR MOHAMED A A AL HAJRI
MOHAMMADFAFFAN MOHAMMADIBLAL
AVRAHULLAH HAKIM KHAN ZIRMAI
RAJKUMAR KOLLU KOLLU ESWARA
SAJESH KRISHNAN ULLAN CHALAPA
MAGDI FAYEZ HASSAN ELOSTAZ
ABDULLA SALIM SMIR AL KAABI
MOHAMMED NASSER H S AL KAABI
HAMAD FALEH H M AL HAJRI
HUMAYUN KABIR JAHANGIR ALAM
ABDELBAGI MOHAMED ABDELBAGI
MUNEER HAMAD A S AL SUWAIDI
DHAR POLANKURI R SUBRAMANIAM
STEFANIE FILIPINI DOS SANTOS
STEFANE FILIPINI DOS SANTOS
FATIMA SAHAD THANI ALKHALIFI
A RAHMAN YOUSUF Z AL KUBAISI
HAMAD ABDULLA S A AL KHALIFI
SOUNDARAPANDIYAN MURUGAPPAN
IBRAHIM ABDELRAHIM ELSHEIKH
BUTHAINA JALAL A AL HASHIMI
MOHAMMAD MUSLEHUDDIN M HUSAIN
SHAHANA ABDULAZIZ M H ALHAJRI
MOHAMMED HANEEFA E MOHAMED
FADAH ATTULLAH S ALABDULLAH
NASSER MANSOOR A N AL ATTIYAH
AHMAD AGEEL S A AL SHAMMARI
MOHAMMED MOOSA AHMED SAHAB
IBRAHIM ALSHAMMA ALI AL MAHRI
HAMAD MOHAMED A S A SAADOON
ALI ABDULLA M S AL KUBAISI
AZAHAR MOHAMMAD ABDULLAH MAJID
HAYATUR RAHMAN SHAFIQULLAH
ABUZAFAR ABDUL MUNIB IBRAH
IBRAHIM SAEED F K ALSULAITI
FRANCIS ADRIAN NARITO NONES
SEAN ANTHONY PADILLA AQUINO
RYARD JERARD CAGA ANAK PAN
REYCHEL APOLLOHA CANTILLE
FERDINAND BELASARIO NAVARRO
MALIK NASSER M ALKHAQDHOOR
CHEMOSAME HADI A AL MARRI
PRIYANTHA UPALI ABEYSINGHE
MEJIB GHANIM M AL KUWARI
THERESE THIODIKA ABEYSINGHE
RAJEESH KOTTATHU PERIKATTU
RUNTHI PARICHAN CHAMBAVAN
MAHMUOUL HASSAN ABDULLATIF
MD JOSIM UDDIN SAMSUDDIN
KHALED AHMED AHMED ZEINDIN
MUNEER KHALFAN A A AL KAABI
NURUL ABSAR MZAFAR AHAMED
CHANDRAM RUSSEL RAJENDRAN
MOHD MUBARAK K M AL HAJRI
JALILA TIMUGAN VAKHAJ TOBIA
ANALIZA CARIAGA DEL ROSARIO
JENNIFER PORCIUNCULA NILAY
JIHANE PAULA SUDO GUTIERREZ
MAJED FARAJ M S AL BUAINAIN
ABDULGADIR ALLAMA JAMASANI
ADIL MUBARAK S AL RASHEED
THUSHANTHAYAN YAKANDHESAN
SHAHEEN NASSER A AL NAIMI
BANA MUBARAK M AL KUWARI
MOHAMMED LOKHMAN NURUL SAFA
JALEEL KOROTH ELAYINDAVIDA
HUSSAIN MOHAMED A A ALYAFEI
HAMAD TOHAMI M A AL BERAIDI
ROBERT SHITE SURESH LAKRO
HAMAD MOHD A AL KHAYARIN
BALASUBRAMANIAN PERIYASAMY
GHANIMZAYED M A ALHAJARI
RASHID HASSAN I M AL KAABI
RINA HAYATI BT RASHIM FAREAS
STEPHEN ITEANYICHUKWU EGWALI
HASSAN NASSER M AL HAJRI
HUSSEIN SALEM ALAWI AL SAADI
NASSER IBRAHIM M A AL MARRI
SAOOD MOHAMMED ABDULLAH SHIFTH
NAYAF ABDULLA SH A AL DOSARI
SULEIMAN SUGRAT MUHALHASHEMI
MOHAMMED ABDELSADIG A MOHAMED
HISSA ABDULLA H A AL ATTIYAH
HALIA ABELKARAMI ISAID ELKIMAN
HUSSEIN ALI MOHAMMED M AL KUBAISI
NASSER MOHAMED S A AL SUWAIDI
STANLEY OBINYEHCHI CHIGBONI
ABDULLAH ALI ALI S AL RASHID
MOHAMED AHMED M A AL KHULAIFI
ABDULHADI ALI M M AL MOHAMMED
ALI EMRAN BALHINAR DELA CRUZ
ABDULLA MATHKUR S AL HAJRI
NASSER ALI MOHAMMED AL HARTHI
FAISAL PULLIPARAMAN B BASHEER
SALEH HASSAN ALI K AL HAJRI
ABDULAZIZ SAAD M S AL DOSARI
YUSUFF SHERIF MOHAMED GHOUSE
VENKATA MURALI KRISHNA KATTA
MOHAMED SALLAM KASSIM SAREEF
RACHIPAL SINGH GURMUKH SINGH
SAYEED AHMED KISHAN SIDDIQUE
MARIA SHER CHAMAN SINGH RANI
BONN KABIR HUSSAIN MOHAMMED
MAHRA MOHAMMED KH AL MARRI
OLGA GEBI MOROWEMA ZIEGLER
KHULOOD MOHAMMED A A AL NAIMI
MOHAMMED ALI SALEM ALKUWAINI
MOHAMMED SHABIR SHABIR A KHAN
ABDULLA HASSAN H AL SULAITI
MOHAMMED HUSSAIN ADBUL KADER
KADER THANAYIL AZEEZ ASKER
KARMALA ABDUL AZEED MOHAMMED
ABDULLA RASHID M I AL MOHAMMED
MOHAMMED MUSLEHUDDIN M HUSAIN
NASER FAHAD AL MOOBAREKI
SHAHANA RAJI M AL KHALAF
MARIAM AHMED M S AL SADA
AISHA HAMAD AL MANNAI
MOHAMMED ALI AL HAJRI
SALEH MUBARAK M AL MARRI
KHALID NASSER A AL ATTIYAH
NOORA HAMAD ALI AL ABDULLA
SAEED MOHAMMED AL MARRI
FAHAD NASSER AL HAJRI
MARIAM SAEED AL NAIMI
HAMAD ALI AL KUWARI
FERNANDO MANOEL MORAES
NEDAL AMIN ELHIBSHI
ALI SALEH AL MARRI
SALEM HAMAD AL KAABI
SARA AHMED AL MANNAI
JASIM ALI AL DOSARI
FATIMA N ASSER B M AL JATTAL
MARIA THERESA PREZA CASTIGADOR
MOHAMMAD NASAR MOHAMMAD HARIK
ABDULLA HASSAN AL HAIDARI
SAKAWER HOSSEIN HOSSAIN
FREDERICK JAMES OCHOA FLORES
KHAOLA MAKGARAAT SIWLA
ABDULLA MESFER H SH AL HAJRI
MOHAMMAD HARBI THIRUTHANCHY
VINAYAN SANDDY K K MOHAMMAD
REMITTER NAME
GHADA MOHAMED A A ALEJRASA
HISSA ABDULLA Y M AL QAHTANI
PATRICK MICHEAL MOORE THEIRY
HAJA NIJAMUDEEN KANANI SHACH
MARIA ANGELA MERCADO BULALACO
HONEYLETTE OCUBABILO LARROSA
FRANCIS BOMBAD PANO BARISA
TALIB MOHAMMED B M AL SHAMMARI
RASHED ALI SULTAN A AL SUWAIDI
RAMI MOHAMMAD AHMED ABUBARD
AISHA ABDULLA B K AL MUHANNADI
MAKHSHAD ALI MIRZA NIZAMUDDIN
MOHAMMAD MANKOOR HOSSAINKUMAR
SAMAR MOUSTAFA WAHBI MOUSTAFA
MANNA TABASSUM WAHID QAZI
PANKAJ NAYAN KUMAR AGRAWAL
HISSA ABDULLA H A AL HAJRI
AISHA AREEB RAHMAN J B AL JABER
ABDULAZIZ MOHD S M AL QAHTANI
FATIMA ABDULLA M A AL HUDOUD
HASSAN ABDULLA K AL ATTIYA
DASAMANAPPATH MEPPANPARAMBIL
MOHAMMED ABDULKADER ALZAIDALI
MOHAMMED ALI KHALID ALI AL ALI
SUDHEER ABDUL RASHEED A RASHEED
KHAMISMOHAMMAD PUTHIYAVEETIL
MICHAEL GERARD BRONOZA MARQUEZ
ISLAM ABDUL ZAHER HAMID MAHMOOD
MANSOOR MESFER M K AL SHAHWANI
HISSA HASSAN A AL MANNAI
SHABEER MEERAPPILLA CHENJAPILLA
HASSAN MOHAMED AHMED ALKHAIRANI
MOHD RUSDI MOHIDI AHMED SALEH
SHABEER MEERAPPILLA CHENJAPILLA
KHALIFA KHALIFA M AL MUHANNADI
ABDULRAHMAN RASHID A A AL NAIMI
NADAAL ALMAMMOT COTIER KNAAN SINGH
MOHAMMED ALI REDUI ALI HASSAN
ABOOBACKER SOUDEEQUE E BASHEER
ABDULAZIZ SALMAN S A ALSHAMMARI
KALAYAN ISAMM PURUSHOTHAMAN PILLAI
AMIR AHMED MOHAMMED ALSHARBI
MARY ANN CAAGBAY HOLEBRENDAS
LAKHAL NIROSHAN MANAMPERI
ABDULRAHMAN MOHAMMED AL AWAD
AHMED ABDULKARIM MOHAMED AMER
AISHA IBRAHIM H M AL MOHANNADI
MOHAMED ABDULLA M AL KUBAISI
ABDEL MONEM MOHAMMED A MOSELHI
MOHAMMED MERHEB F S AL HAJRI
MARYAM MUMTAZ MOHAMMAD MUMTAZ
ABIR JOHNY A RAHMAN MOHAMMED
JYOTHI ANGILVAPPI KALEEKAL
MOHAMMED AL TOSANI A B IBRAHIM
MOHAMMED HUSSAIN NOOR MOHAMMED
GNANASEKAR SUKUMAR ADAIKANMOSH
MUKHTAR MUKHTAR BARGAMIN SHAH
MUHAMMED SHAMEL NAINA MUHAMMED
HALOLIID SULAIMAN S AL SUWAIDI
MOHAMMED KHALID M K AL JABER
ZAHRA SHADAB M A AL MOHANNADI
MUSTAFA MUHAMMED AHMED MUSTAFA
AHMED FAWZY GHANEM A ABDULMAGID
FATIMA SALMAN M H AL MOHANNADI
FATIMA ABDULAZIZ S AL TAMIMI
AHMED BASIL HAMED H AL SHAHWANI
YELLAREEDA VENKATESHAN ACHARYA
ABDUL GAFAR SHAIK KUKKAL MOHAMMED
MOHAMMED ZILLUR RAHMAN TOSHAL
MOHAMMED ZILLUR RAHMAN M T MIAH
MOHAMMED REHMAN A RAHMAN
SHAIKHA ABDULLA M S AL KOBEY
MOHAMMED ABDULRAHMAN AL AHMED
KANIA AHMED MOHAMMED ABDUHAZAL
KARTHIK PERUSHAMMAD FELIX
KAVITHA RITA BASHA MOHAMMED
MOHAMMED SAFRAS MOHAMMED AHAMED
MARIA CORREIRA SOUSA PEREIRA
SHABEER CHERIAKKAPADAYIL
MUTHURAMAN MALLIKA ARACHCHIGE
SHASHIKA POOMBABARA GUTHIAYAM
MOHAMMED YUSUF MOHAMMED SAYEED
MOHAMMAD MABDULRAZZAQUE KHAN
QUMAR ALI SAED HAMADA AL MARIYA
PARAN DAVIDSON SANDWELL SINGH
GEORGE CHAMAKKUTHIL YENUGUPALLI
NASSER ABDULRAHMAN AL KHALIFA
JENNIFER VIRGINIA VALERO MORENO
ABDULLAH ADAN ISMAIL SULTAN
JAHABAR SADIQ SULTHAN ALAUDEEN
RUTHAIRAN SALIM ZAIDI ALSOBHI
MOHAMMED MOHAMED ABDULLAH ASLAM
JAMALLA NASIR HAMAD M AL KABI
ABDUL MONIEM OMER MUSTAFA MOHAMMED
AHMED NASSER MOHAMMED AL MALKI
MOHAMMED NAZRUL ABDULLATIF FAKIR
HASSAN MOHAMMED SALEH AL HAJRI
SHAIKHA RASHID A RASHID AL ALI
NADIA OSMAN ABDO GADIR ELDAROUTY
MOHAMMED NASSER M AL MARRI
HAZAA HAZAA MASOOD F AL TOBAISHI
MOHAMMAD ALAMGIR HAVIB M HOSSAIN
FIROSHAN POTTHOTHAPPIL KOLONGATH
MUHAMMAD ALI K ABDUL KHALID
KHALID IBRAHIM ELSAYED AHMED HUS
IBRAHIM KHALIL JALIF ABDUL SATTAR
ABDUL HASEEB AL MUNAVA ALTAKI
SHERMAGNE JUNE NAVARRO ESTORES
ERANGA SANGHRAMSINGH MEENAGALAGE
KOMBULO KARUNARATHNE A VITHANAGE
MOHAMMED NIYAS MOHAMMED NAUSHAD
ARSHAD MAHMOOD KHAN AHMED KHAN
MOHAMMED ABDUL HAMEED NAFAIS
MANSOOR KHALIFA M M AL MANNAI
ALI MOHAMMED SALEH ALLAJI HASSANI
SAMINDAPARA DESTHENDRAIN SOMASUNDARAM
ALBIN MICHAEL D MORENO DESTREZA
MAHMOODALI MOHAMMAD ABDULLAH
OMER MOHAMMED SULAIMAN AL QARADAGHI
KHABIB ABDULFATTAH DAOUD FAYSAL
MOHAMED AHMED MOHAMED ABDELAZIZ
ALI ASIM UDDIN BAPPI MOHAMMED ELIAS
SAEED MOHAMMED A M AL HEBABI
SHAJMA ABBAS SALAH BABIKER
AHMAD ABDULLAH BIN SAEED ALKATHIRI
ABDUL RAZAK VETTATHUR HUSSAIN
MOHAMMAD ZEHAID A A AL MANSOORI
SUHAIL MOHAMMAD ABDUL RAHMAN
ABDULLAH HASAN ALAWADHI
ABDULLA NASSER F AL NOUAIMI
MOHAMMED ALI AL KHAYARIN
AHMED MUBARAK AL SHAHWANI
SALEH MOHAMMED AL KAABI
NASSER HAMAD AL HAJRI
MARYAM ALI AL SULAITI
FATIMA SALEM AL MARRI
HAMAD JASIM AL THANI
MOHAMMED YOUSUF TAYEB
MANI NAGESWARAN
SALMA ALI MOHAMED
AMIR ALSHAMSI
KHALID RASHID ALI
SARA MOHAMMED
MIN MARY BAWAY
MOHAMED RAMZAN
ALI HASSAN FAHAD
MUDIYANSELAGE
